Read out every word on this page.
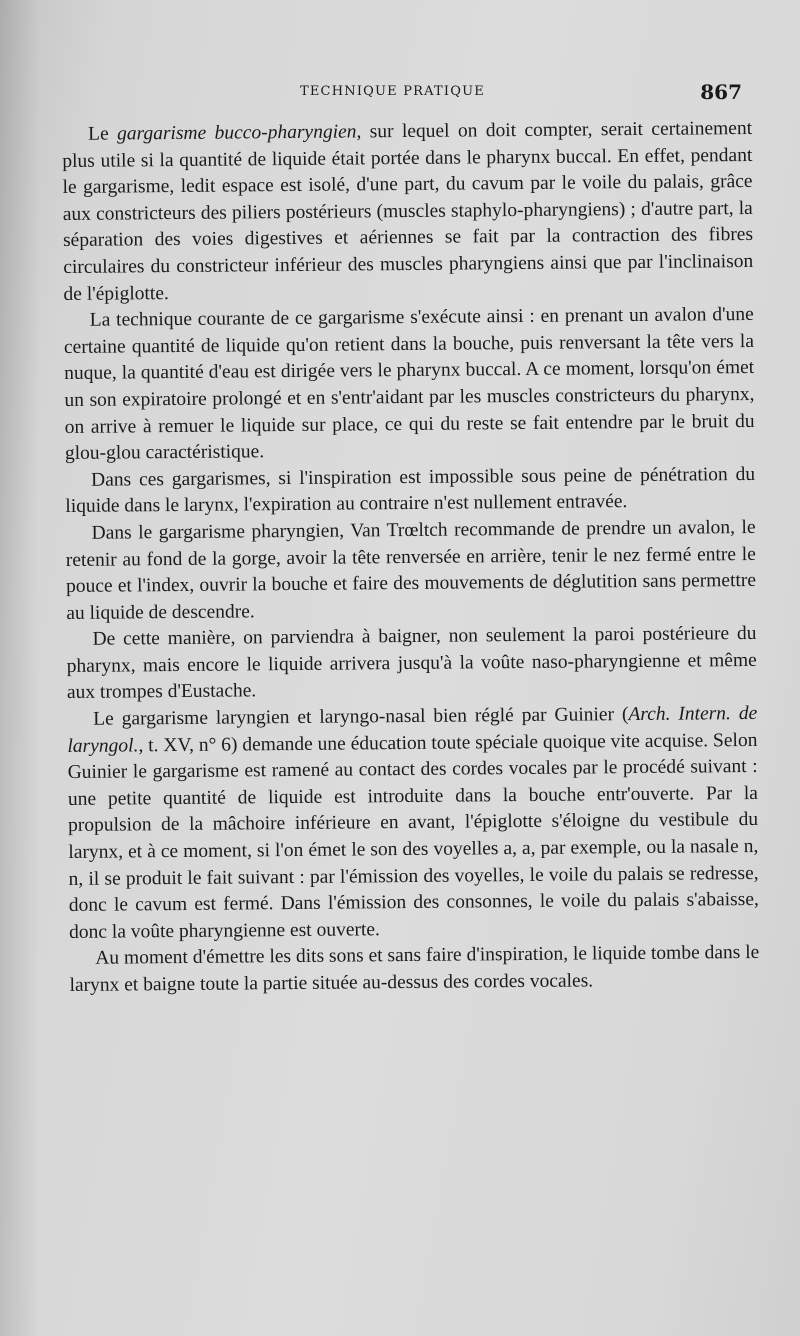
TECHNIQUE PRATIQUE	867

Le gargarisme bucco-pharyngien, sur lequel on doit compter, serait certainement plus utile si la quantité de liquide était portée dans le pharynx buccal. En effet, pendant le gargarisme, ledit espace est isolé, d'une part, du cavum par le voile du palais, grâce aux constricteurs des piliers postérieurs (muscles staphylo-pharyngiens) ; d'autre part, la séparation des voies digestives et aériennes se fait par la contraction des fibres circulaires du constricteur inférieur des muscles pharyngiens ainsi que par l'inclinaison de l'épiglotte.

La technique courante de ce gargarisme s'exécute ainsi : en prenant un avalon d'une certaine quantité de liquide qu'on retient dans la bouche, puis renversant la tête vers la nuque, la quantité d'eau est dirigée vers le pharynx buccal. A ce moment, lorsqu'on émet un son expiratoire prolongé et en s'entr'aidant par les muscles constricteurs du pharynx, on arrive à remuer le liquide sur place, ce qui du reste se fait entendre par le bruit du glou-glou caractéristique.

Dans ces gargarismes, si l'inspiration est impossible sous peine de pénétration du liquide dans le larynx, l'expiration au contraire n'est nullement entravée.

Dans le gargarisme pharyngien, Van Trœltch recommande de prendre un avalon, le retenir au fond de la gorge, avoir la tête renversée en arrière, tenir le nez fermé entre le pouce et l'index, ouvrir la bouche et faire des mouvements de déglutition sans permettre au liquide de descendre.

De cette manière, on parviendra à baigner, non seulement la paroi postérieure du pharynx, mais encore le liquide arrivera jusqu'à la voûte naso-pharyngienne et même aux trompes d'Eustache.

Le gargarisme laryngien et laryngo-nasal bien réglé par Guinier (Arch. Intern. de laryngol., t. XV, n° 6) demande une éducation toute spéciale quoique vite acquise. Selon Guinier le gargarisme est ramené au contact des cordes vocales par le procédé suivant : une petite quantité de liquide est introduite dans la bouche entr'ouverte. Par la propulsion de la mâchoire inférieure en avant, l'épiglotte s'éloigne du vestibule du larynx, et à ce moment, si l'on émet le son des voyelles a, a, par exemple, ou la nasale n, n, il se produit le fait suivant : par l'émission des voyelles, le voile du palais se redresse, donc le cavum est fermé. Dans l'émission des consonnes, le voile du palais s'abaisse, donc la voûte pharyngienne est ouverte.

Au moment d'émettre les dits sons et sans faire d'inspiration, le liquide tombe dans le larynx et baigne toute la partie située au-dessus des cordes vocales.
